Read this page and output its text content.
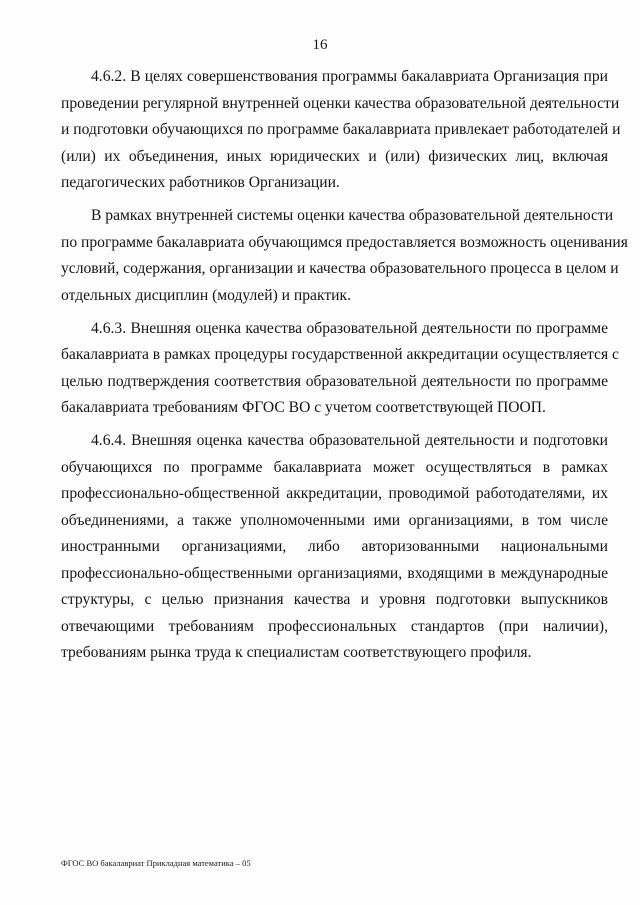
16
4.6.2. В целях совершенствования программы бакалавриата Организация при
проведении регулярной внутренней оценки качества образовательной деятельности
и подготовки обучающихся по программе бакалавриата привлекает работодателей и
(или) их объединения, иных юридических и (или) физических лиц, включая
педагогических работников Организации.
В рамках внутренней системы оценки качества образовательной деятельности
по программе бакалавриата обучающимся предоставляется возможность оценивания
условий, содержания, организации и качества образовательного процесса в целом и
отдельных дисциплин (модулей) и практик.
4.6.3. Внешняя оценка качества образовательной деятельности по программе
бакалавриата в рамках процедуры государственной аккредитации осуществляется с
целью подтверждения соответствия образовательной деятельности по программе
бакалавриата требованиям ФГОС ВО с учетом соответствующей ПООП.
4.6.4. Внешняя оценка качества образовательной деятельности и подготовки
обучающихся по программе бакалавриата может осуществляться в рамках
профессионально-общественной аккредитации, проводимой работодателями, их
объединениями, а также уполномоченными ими организациями, в том числе
иностранными организациями, либо авторизованными национальными
профессионально-общественными организациями, входящими в международные
структуры, с целью признания качества и уровня подготовки выпускников
отвечающими требованиям профессиональных стандартов (при наличии),
требованиям рынка труда к специалистам соответствующего профиля.
ФГОС ВО бакалавриат Прикладная математика – 05
